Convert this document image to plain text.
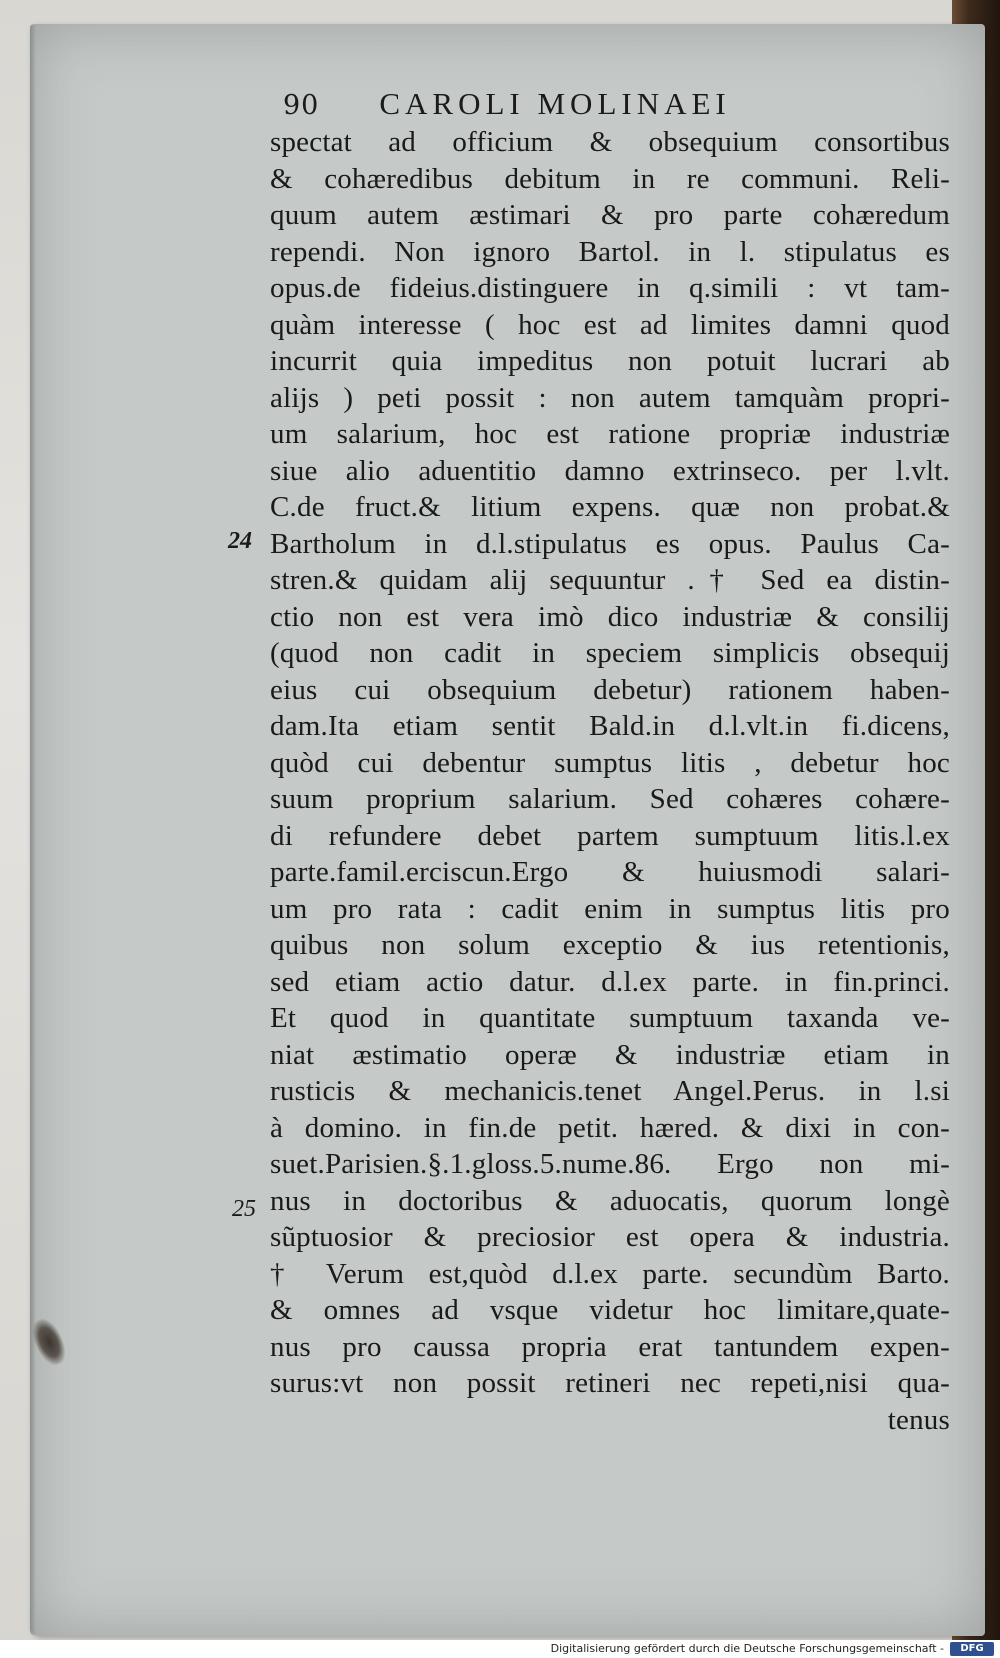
90 CAROLI MOLINAEI
24
25
spectat ad officium & obsequium consortibus
& cohæredibus debitum in re communi. Reli-
quum autem æstimari & pro parte cohæredum
rependi. Non ignoro Bartol. in l. stipulatus es
opus.de fideius.distinguere in q.simili : vt tam-
quàm interesse ( hoc est ad limites damni quod
incurrit quia impeditus non potuit lucrari ab
alijs ) peti possit : non autem tamquàm propri-
um salarium, hoc est ratione propriæ industriæ
siue alio aduentitio damno extrinseco. per l.vlt.
C.de fruct.& litium expens. quæ non probat.&
Bartholum in d.l.stipulatus es opus. Paulus Ca-
stren.& quidam alij sequuntur .† Sed ea distin-
ctio non est vera imò dico industriæ & consilij
(quod non cadit in speciem simplicis obsequij
eius cui obsequium debetur) rationem haben-
dam.Ita etiam sentit Bald.in d.l.vlt.in fi.dicens,
quòd cui debentur sumptus litis , debetur hoc
suum proprium salarium. Sed cohæres cohære-
di refundere debet partem sumptuum litis.l.ex
parte.famil.erciscun.Ergo & huiusmodi salari-
um pro rata : cadit enim in sumptus litis pro
quibus non solum exceptio & ius retentionis,
sed etiam actio datur. d.l.ex parte. in fin.princi.
Et quod in quantitate sumptuum taxanda ve-
niat æstimatio operæ & industriæ etiam in
rusticis & mechanicis.tenet Angel.Perus. in l.si
à domino. in fin.de petit. hæred. & dixi in con-
suet.Parisien.§.1.gloss.5.nume.86. Ergo non mi-
nus in doctoribus & aduocatis, quorum longè
sũptuosior & preciosior est opera & industria.
† Verum est,quòd d.l.ex parte. secundùm Barto.
& omnes ad vsque videtur hoc limitare,quate-
nus pro caussa propria erat tantundem expen-
surus:vt non possit retineri nec repeti,nisi qua-
tenus
Digitalisierung gefördert durch die Deutsche Forschungsgemeinschaft -	DFG
